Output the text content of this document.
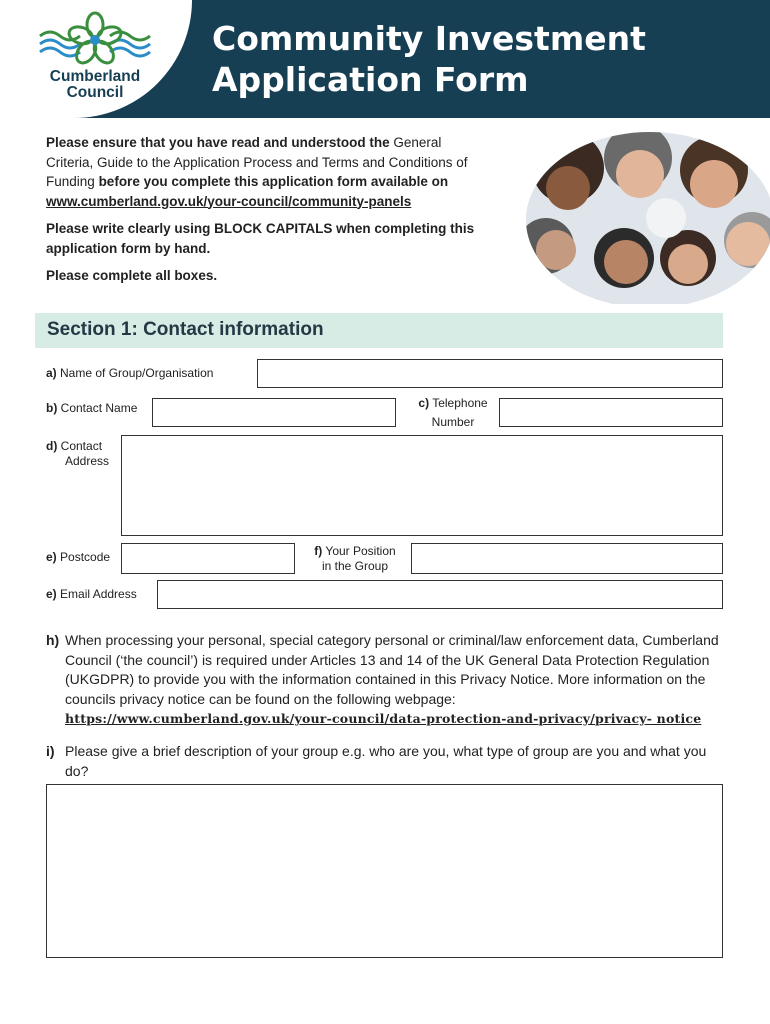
Cumberland
Council
Community Investment
Application Form

Please ensure that you have read and understood the General Criteria, Guide to the Application Process and Terms and Conditions of Funding before you complete this application form available on www.cumberland.gov.uk/your-council/community-panels

Please write clearly using BLOCK CAPITALS when completing this application form by hand.

Please complete all boxes.

Section 1: Contact information
a) Name of Group/Organisation
b) Contact Name	c) Telephone
Number
d) Contact
Address
e) Postcode	f) Your Position
in the Group
e) Email Address
h) When processing your personal, special category personal or criminal/law enforcement data, Cumberland Council (‘the council’) is required under Articles 13 and 14 of the UK General Data Protection Regulation (UKGDPR) to provide you with the information contained in this Privacy Notice. More information on the councils privacy notice can be found on the following webpage:
https://www.cumberland.gov.uk/your-council/data-protection-and-privacy/privacy- notice
i) Please give a brief description of your group e.g. who are you, what type of group are you and what you do?
